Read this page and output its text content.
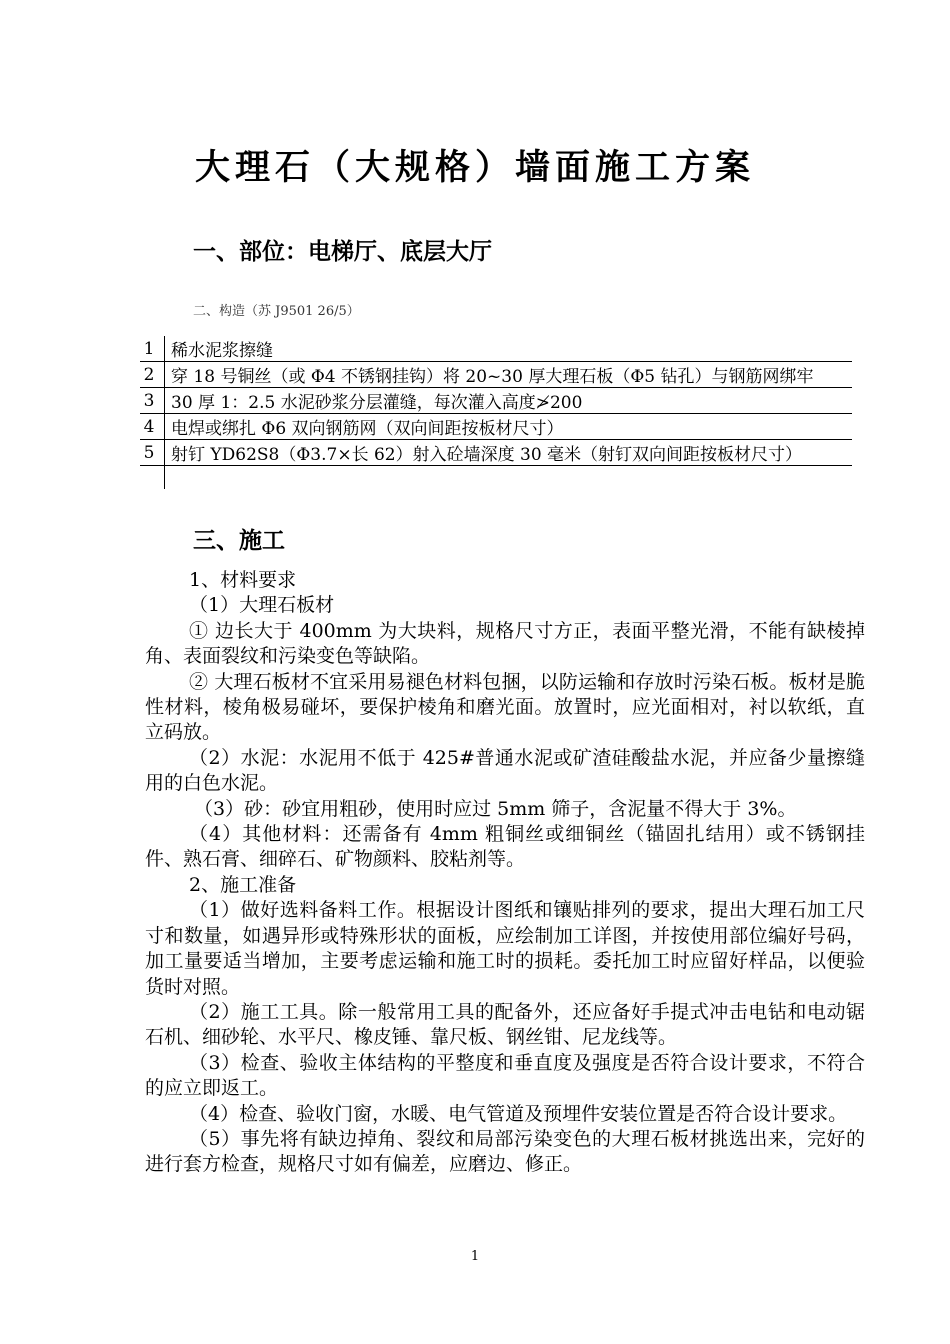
大理石（大规格）墙面施工方案
一、部位：电梯厅、底层大厅
二、构造（苏 J9501 26/5）
1	稀水泥浆擦缝
2	穿 18 号铜丝（或 Φ4 不锈钢挂钩）将 20~30 厚大理石板（Φ5 钻孔）与钢筋网绑牢
3	30 厚 1：2.5 水泥砂浆分层灌缝，每次灌入高度≯200
4	电焊或绑扎 Φ6 双向钢筋网（双向间距按板材尺寸）
5	射钉 YD62S8（Φ3.7×长 62）射入砼墙深度 30 毫米（射钉双向间距按板材尺寸）

三、施工

1、材料要求

（1）大理石板材

① 边长大于 400mm 为大块料，规格尺寸方正，表面平整光滑，不能有缺棱掉角、表面裂纹和污染变色等缺陷。

② 大理石板材不宜采用易褪色材料包捆，以防运输和存放时污染石板。板材是脆性材料，棱角极易碰坏，要保护棱角和磨光面。放置时，应光面相对，衬以软纸，直立码放。

（2）水泥：水泥用不低于 425#普通水泥或矿渣硅酸盐水泥，并应备少量擦缝用的白色水泥。

（3）砂：砂宜用粗砂，使用时应过 5mm 筛子，含泥量不得大于 3%。

（4）其他材料：还需备有 4mm 粗铜丝或细铜丝（锚固扎结用）或不锈钢挂件、熟石膏、细碎石、矿物颜料、胶粘剂等。

2、施工准备

（1）做好选料备料工作。根据设计图纸和镶贴排列的要求，提出大理石加工尺寸和数量，如遇异形或特殊形状的面板，应绘制加工详图，并按使用部位编好号码，加工量要适当增加，主要考虑运输和施工时的损耗。委托加工时应留好样品，以便验货时对照。

（2）施工工具。除一般常用工具的配备外，还应备好手提式冲击电钻和电动锯石机、细砂轮、水平尺、橡皮锤、靠尺板、钢丝钳、尼龙线等。

（3）检查、验收主体结构的平整度和垂直度及强度是否符合设计要求，不符合的应立即返工。

（4）检查、验收门窗，水暖、电气管道及预埋件安装位置是否符合设计要求。

（5）事先将有缺边掉角、裂纹和局部污染变色的大理石板材挑选出来，完好的进行套方检查，规格尺寸如有偏差，应磨边、修正。

1
